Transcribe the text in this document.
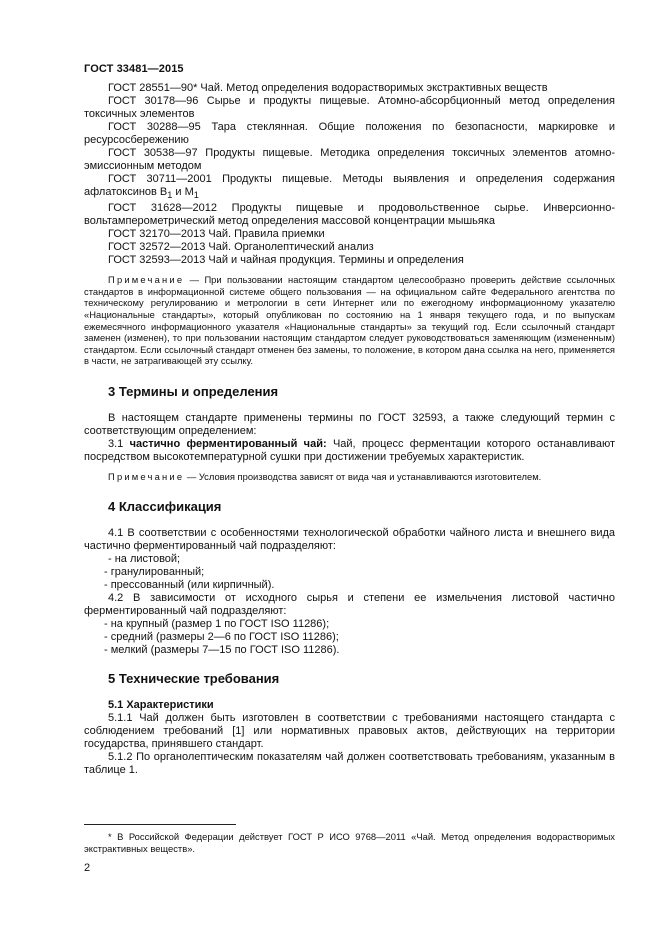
ГОСТ 33481—2015

ГОСТ 28551—90* Чай. Метод определения водорастворимых экстрактивных веществ

ГОСТ 30178—96 Сырье и продукты пищевые. Атомно-абсорбционный метод определения токсичных элементов

ГОСТ 30288—95 Тара стеклянная. Общие положения по безопасности, маркировке и ресурсосбережению

ГОСТ 30538—97 Продукты пищевые. Методика определения токсичных элементов атомно-эмиссионным методом

ГОСТ 30711—2001 Продукты пищевые. Методы выявления и определения содержания афлатоксинов $B_1$ и $M_1$

ГОСТ 31628—2012 Продукты пищевые и продовольственное сырье. Инверсионно-вольтамперометрический метод определения массовой концентрации мышьяка

ГОСТ 32170—2013 Чай. Правила приемки

ГОСТ 32572—2013 Чай. Органолептический анализ

ГОСТ 32593—2013 Чай и чайная продукция. Термины и определения

Примечание — При пользовании настоящим стандартом целесообразно проверить действие ссылочных стандартов в информационной системе общего пользования — на официальном сайте Федерального агентства по техническому регулированию и метрологии в сети Интернет или по ежегодному информационному указателю «Национальные стандарты», который опубликован по состоянию на 1 января текущего года, и по выпускам ежемесячного информационного указателя «Национальные стандарты» за текущий год. Если ссылочный стандарт заменен (изменен), то при пользовании настоящим стандартом следует руководствоваться заменяющим (измененным) стандартом. Если ссылочный стандарт отменен без замены, то положение, в котором дана ссылка на него, применяется в части, не затрагивающей эту ссылку.

3 Термины и определения

В настоящем стандарте применены термины по ГОСТ 32593, а также следующий термин с соответствующим определением:

3.1 частично ферментированный чай: Чай, процесс ферментации которого останавливают посредством высокотемпературной сушки при достижении требуемых характеристик.

Примечание — Условия производства зависят от вида чая и устанавливаются изготовителем.

4 Классификация

4.1 В соответствии с особенностями технологической обработки чайного листа и внешнего вида частично ферментированный чай подразделяют:

- на листовой;

- гранулированный;

- прессованный (или кирпичный).

4.2 В зависимости от исходного сырья и степени ее измельчения листовой частично ферментированный чай подразделяют:

- на крупный (размер 1 по ГОСТ ISO 11286);

- средний (размеры 2—6 по ГОСТ ISO 11286);

- мелкий (размеры 7—15 по ГОСТ ISO 11286).

5 Технические требования

5.1 Характеристики

5.1.1 Чай должен быть изготовлен в соответствии с требованиями настоящего стандарта с соблюдением требований [1] или нормативных правовых актов, действующих на территории государства, принявшего стандарт.

5.1.2 По органолептическим показателям чай должен соответствовать требованиям, указанным в таблице 1.

* В Российской Федерации действует ГОСТ Р ИСО 9768—2011 «Чай. Метод определения водорастворимых экстрактивных веществ».
2
